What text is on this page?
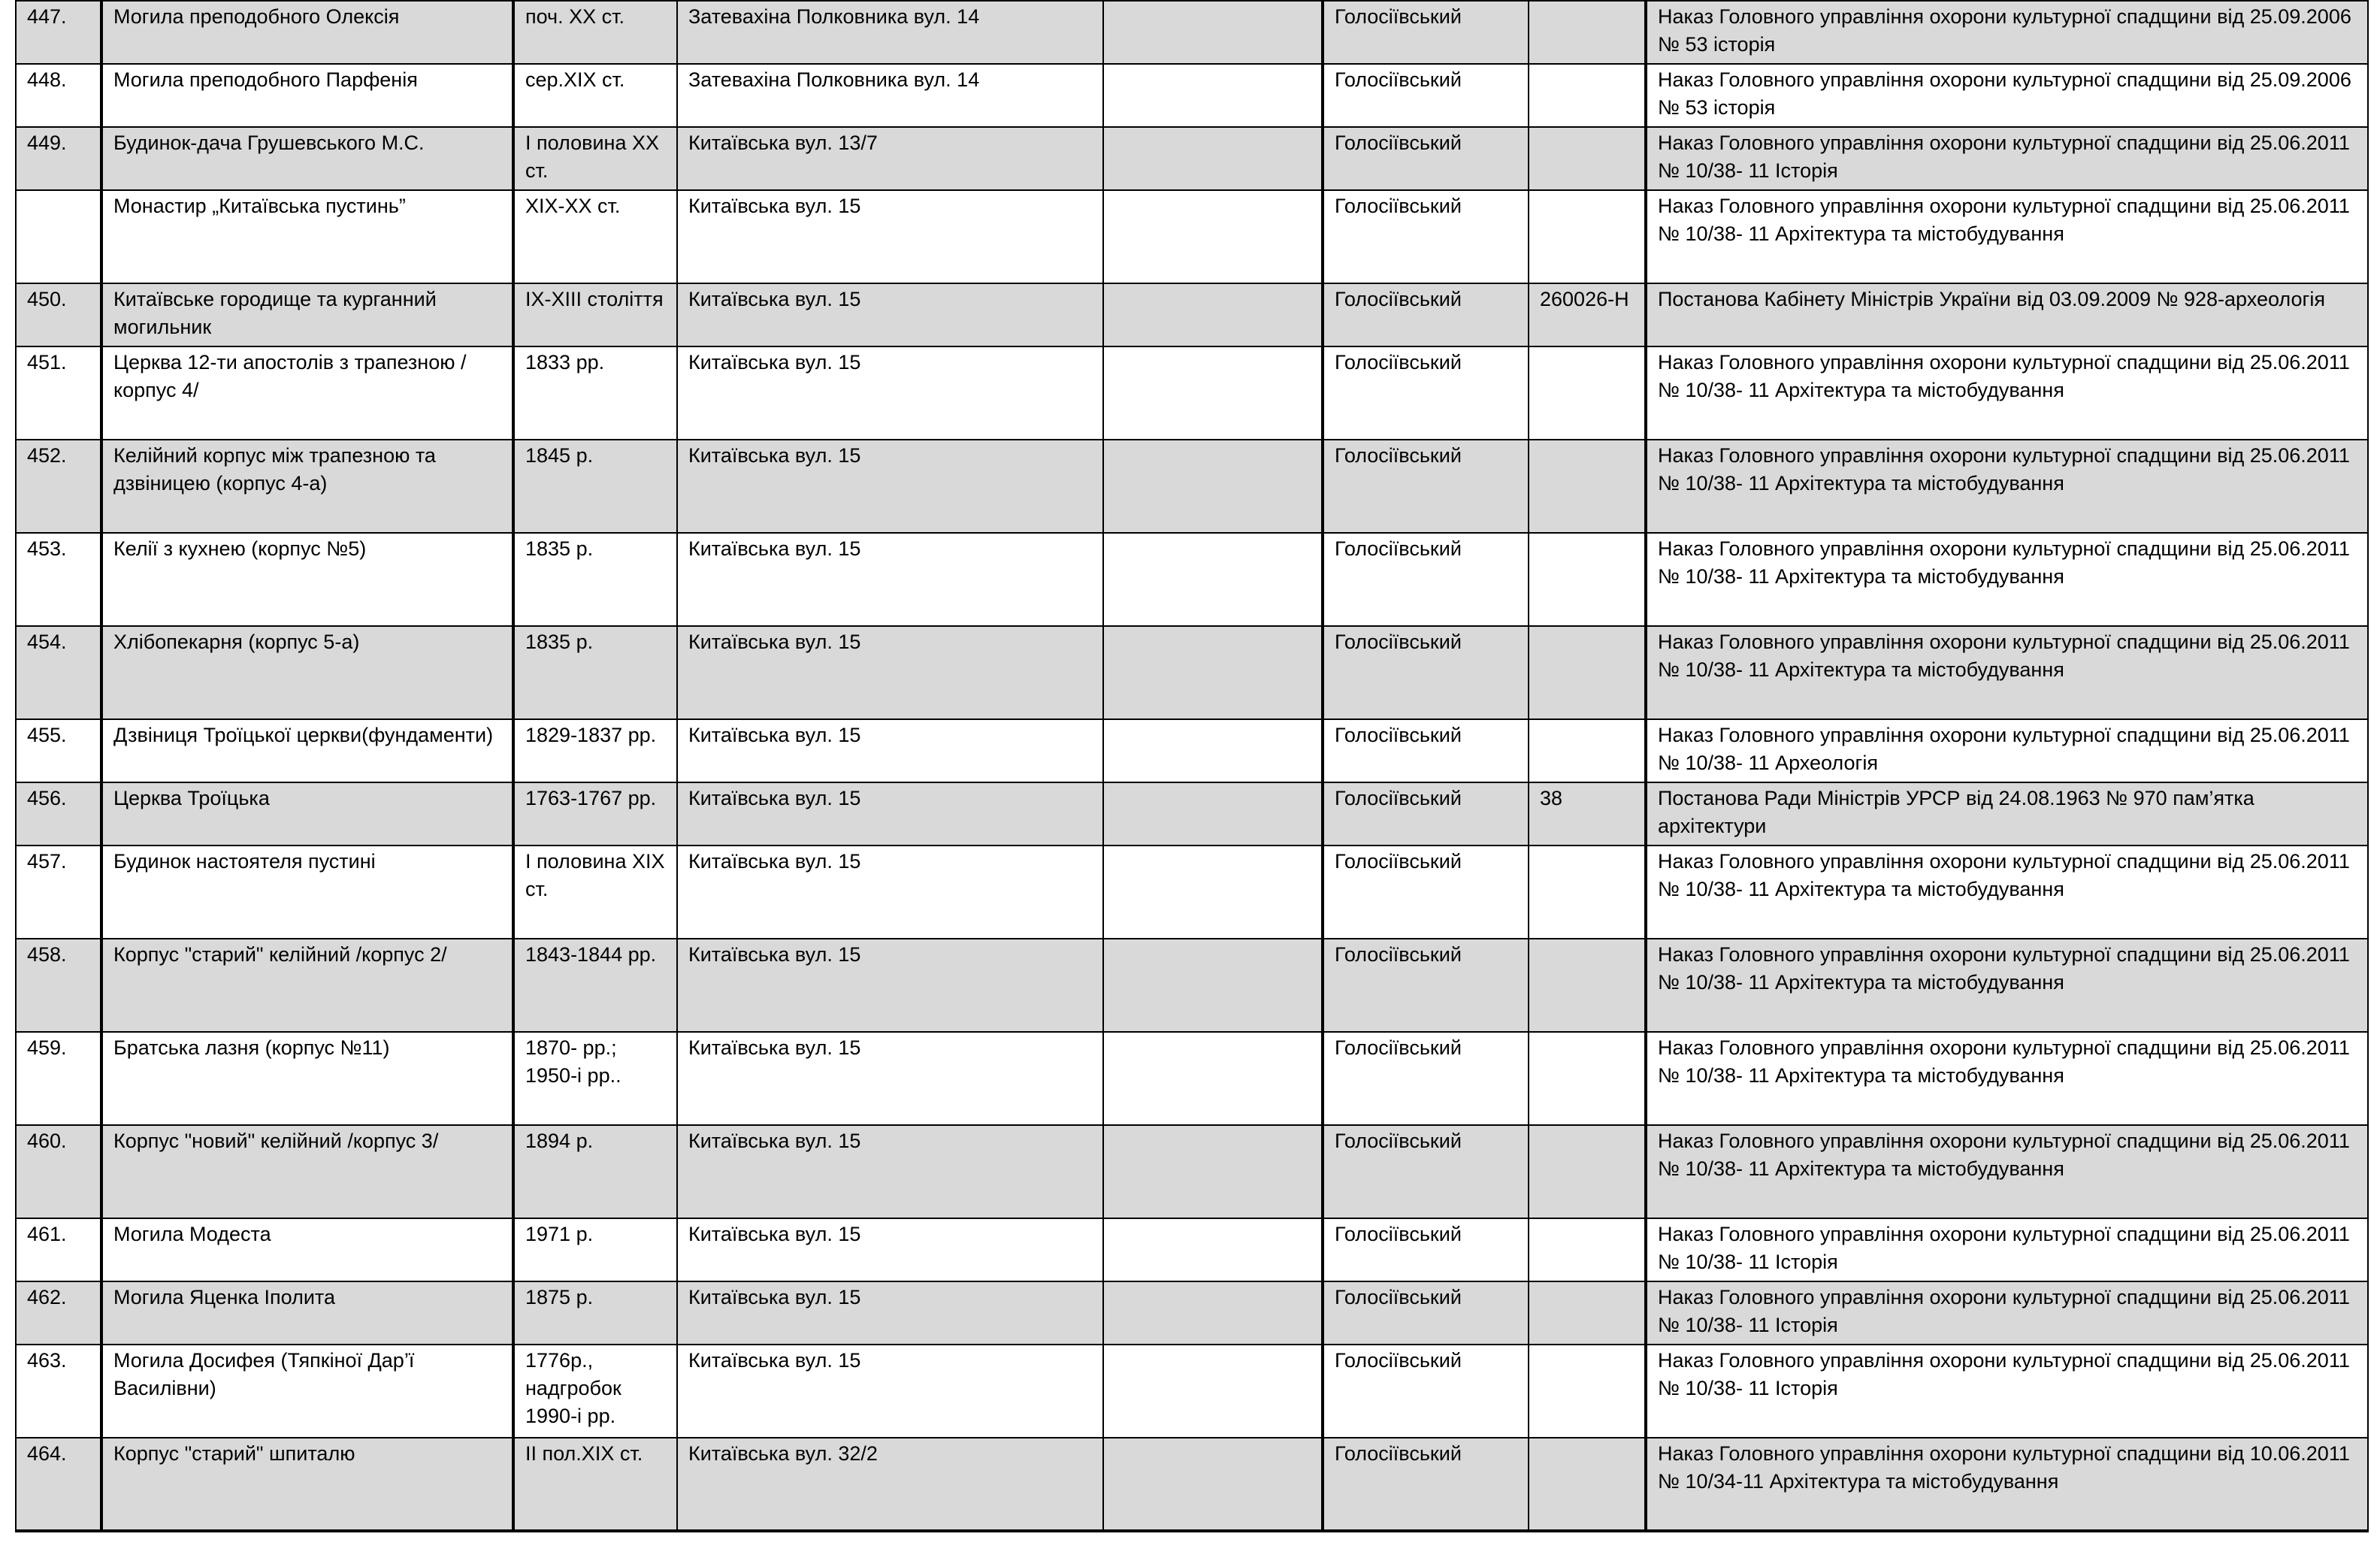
447.	Могила преподобного Олексія	поч. ХХ ст.	Затевахіна Полковника вул. 14		Голосіївський		Наказ Головного управління охорони культурної спадщини від 25.09.2006 № 53 історія
448.	Могила преподобного Парфенія	сер.ХІХ ст.	Затевахіна Полковника вул. 14		Голосіївський		Наказ Головного управління охорони культурної спадщини від 25.09.2006 № 53 історія
449.	Будинок-дача Грушевського М.С.	І половина ХХ ст.	Китаївська вул. 13/7		Голосіївський		Наказ Головного управління охорони культурної спадщини від 25.06.2011 № 10/38- 11 Історія
	Монастир „Китаївська пустинь”	ХІХ-ХХ ст.	Китаївська вул. 15		Голосіївський		Наказ Головного управління охорони культурної спадщини від 25.06.2011 № 10/38- 11 Архітектура та містобудування
450.	Китаївське городище та курганний могильник	IX-XIII століття	Китаївська вул. 15		Голосіївський	260026-Н	Постанова Кабінету Міністрів України від 03.09.2009 № 928-археологія
451.	Церква 12-ти апостолів з трапезною /корпус 4/	1833 рр.	Китаївська вул. 15		Голосіївський		Наказ Головного управління охорони культурної спадщини від 25.06.2011 № 10/38- 11 Архітектура та містобудування
452.	Келійний корпус між трапезною та дзвіницею (корпус 4-а)	1845 р.	Китаївська вул. 15		Голосіївський		Наказ Головного управління охорони культурної спадщини від 25.06.2011 № 10/38- 11 Архітектура та містобудування
453.	Келії з кухнею (корпус №5)	1835 р.	Китаївська вул. 15		Голосіївський		Наказ Головного управління охорони культурної спадщини від 25.06.2011 № 10/38- 11 Архітектура та містобудування
454.	Хлібопекарня (корпус 5-а)	1835 р.	Китаївська вул. 15		Голосіївський		Наказ Головного управління охорони культурної спадщини від 25.06.2011 № 10/38- 11 Архітектура та містобудування
455.	Дзвіниця Троїцької церкви(фундаменти)	1829-1837 рр.	Китаївська вул. 15		Голосіївський		Наказ Головного управління охорони культурної спадщини від 25.06.2011 № 10/38- 11 Археологія
456.	Церква Троїцька	1763-1767 рр.	Китаївська вул. 15		Голосіївський	38	Постанова Ради Міністрів УРСР від 24.08.1963 № 970 пам’ятка архітектури
457.	Будинок настоятеля пустині	І половина ХІХ ст.	Китаївська вул. 15		Голосіївський		Наказ Головного управління охорони культурної спадщини від 25.06.2011 № 10/38- 11 Архітектура та містобудування
458.	Корпус "старий" келійний /корпус 2/	1843-1844 рр.	Китаївська вул. 15		Голосіївський		Наказ Головного управління охорони культурної спадщини від 25.06.2011 № 10/38- 11 Архітектура та містобудування
459.	Братська лазня (корпус №11)	1870- рр.; 1950-і рр..	Китаївська вул. 15		Голосіївський		Наказ Головного управління охорони культурної спадщини від 25.06.2011 № 10/38- 11 Архітектура та містобудування
460.	Корпус "новий" келійний /корпус 3/	1894 р.	Китаївська вул. 15		Голосіївський		Наказ Головного управління охорони культурної спадщини від 25.06.2011 № 10/38- 11 Архітектура та містобудування
461.	Могила Модеста	1971 р.	Китаївська вул. 15		Голосіївський		Наказ Головного управління охорони культурної спадщини від 25.06.2011 № 10/38- 11 Історія
462.	Могила Яценка Іполита	1875 р.	Китаївська вул. 15		Голосіївський		Наказ Головного управління охорони культурної спадщини від 25.06.2011 № 10/38- 11 Історія
463.	Могила Досифея (Тяпкіної Дар’ї Василівни)	1776р., надгробок 1990-і рр.	Китаївська вул. 15		Голосіївський		Наказ Головного управління охорони культурної спадщини від 25.06.2011 № 10/38- 11 Історія
464.	Корпус "старий" шпиталю	ІІ пол.ХІХ ст.	Китаївська вул. 32/2		Голосіївський		Наказ Головного управління охорони культурної спадщини від 10.06.2011 № 10/34-11 Архітектура та містобудування
